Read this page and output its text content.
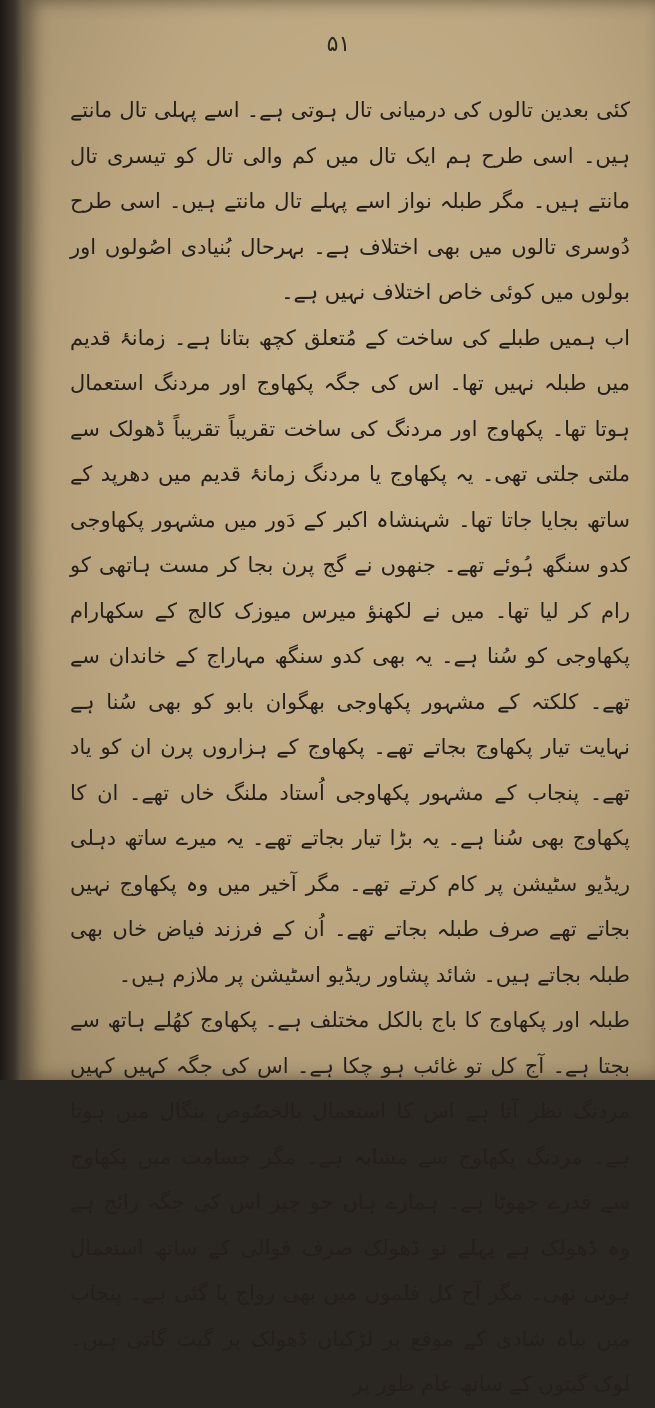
۵۱

کئی بعدین تالوں کی درمیانی تال ہوتی ہے۔ اسے پہلی تال مانتے ہیں۔ اسی طرح ہم ایک تال میں کم والی تال کو تیسری تال مانتے ہیں۔ مگر طبلہ نواز اسے پہلے تال مانتے ہیں۔ اسی طرح دُوسری تالوں میں بھی اختلاف ہے۔ بہرحال بُنیادی اصُولوں اور بولوں میں کوئی خاص اختلاف نہیں ہے۔

اب ہمیں طبلے کی ساخت کے مُتعلق کچھ بتانا ہے۔ زمانۂ قدیم میں طبلہ نہیں تھا۔ اس کی جگہ پکھاوج اور مردنگ استعمال ہوتا تھا۔ پکھاوج اور مردنگ کی ساخت تقریباً تقریباً ڈھولک سے ملتی جلتی تھی۔ یہ پکھاوج یا مردنگ زمانۂ قدیم میں دھرپد کے ساتھ بجایا جاتا تھا۔ شہنشاہ اکبر کے دَور میں مشہور پکھاوجی کدو سنگھ ہُوئے تھے۔ جنھوں نے گج پرن بجا کر مست ہاتھی کو رام کر لیا تھا۔ میں نے لکھنؤ میرس میوزک کالج کے سکھارام پکھاوجی کو سُنا ہے۔ یہ بھی کدو سنگھ مہاراج کے خاندان سے تھے۔ کلکتہ کے مشہور پکھاوجی بھگوان بابو کو بھی سُنا ہے نہایت تیار پکھاوج بجاتے تھے۔ پکھاوج کے ہزاروں پرن ان کو یاد تھے۔ پنجاب کے مشہور پکھاوجی اُستاد ملنگ خاں تھے۔ ان کا پکھاوج بھی سُنا ہے۔ یہ بڑا تیار بجاتے تھے۔ یہ میرے ساتھ دہلی ریڈیو سٹیشن پر کام کرتے تھے۔ مگر آخیر میں وہ پکھاوج نہیں بجاتے تھے صرف طبلہ بجاتے تھے۔ اُن کے فرزند فیاض خاں بھی طبلہ بجاتے ہیں۔ شائد پشاور ریڈیو اسٹیشن پر ملازم ہیں۔

طبلہ اور پکھاوج کا باج بالکل مختلف ہے۔ پکھاوج کھُلے ہاتھ سے بجتا ہے۔ آج کل تو غائب ہو چکا ہے۔ اس کی جگہ کہیں کہیں مردنگ نظر آتا ہے اس کا استعمال بالخصُوص بنگال میں ہوتا ہے۔ مردنگ پکھاوج سے مشابہ ہے۔ مگر جسامت میں پکھاوج سے قدرے چھوٹا ہے۔ ہمارے ہاں جو چیز اس کی جگہ رائج ہے وہ ڈھولک ہے پہلے تو ڈھولک صرف قوالی کے ساتھ استعمال ہوتی تھی۔ مگر آج کل فلموں میں بھی رواج پا گئی ہے۔ پنجاب میں بیاہ شادی کے موقع پر لڑکیاں ڈھولک پر گیت گاتی ہیں۔ لوک گیتوں کے ساتھ عام طور پر
